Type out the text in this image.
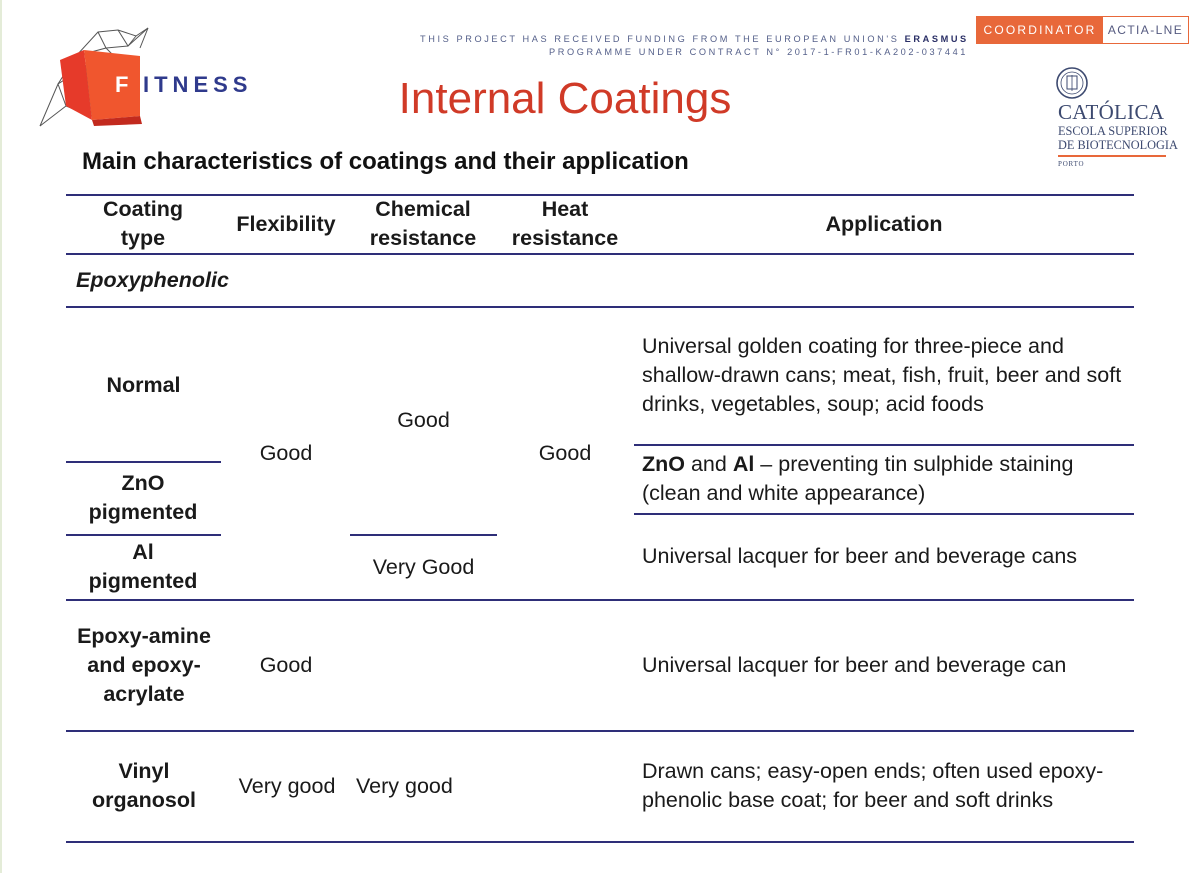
F ITNESS
THIS PROJECT HAS RECEIVED FUNDING FROM THE EUROPEAN UNION'S ERASMUS
PROGRAMME UNDER CONTRACT N° 2017-1-FR01-KA202-037441
COORDINATOR ACTIA-LNE
Internal Coatings	CATÓLICA
ESCOLA SUPERIOR
DE BIOTECNOLOGIA
PORTO
Main characteristics of coatings and their application
Coating type
Flexibility
Chemical resistance
Heat resistance
Application
Epoxyphenolic
Normal
ZnO pigmented
Al pigmented
Epoxy-amine and epoxy-acrylate
Vinyl organosol
Good
Good
Very good
Good
Very Good
Very good
Good
Universal golden coating for three-piece and shallow-drawn cans; meat, fish, fruit, beer and soft drinks, vegetables, soup; acid foods
ZnO and Al – preventing tin sulphide staining (clean and white appearance)
Universal lacquer for beer and beverage cans
Universal lacquer for beer and beverage can
Drawn cans; easy-open ends; often used epoxy-phenolic base coat; for beer and soft drinks
